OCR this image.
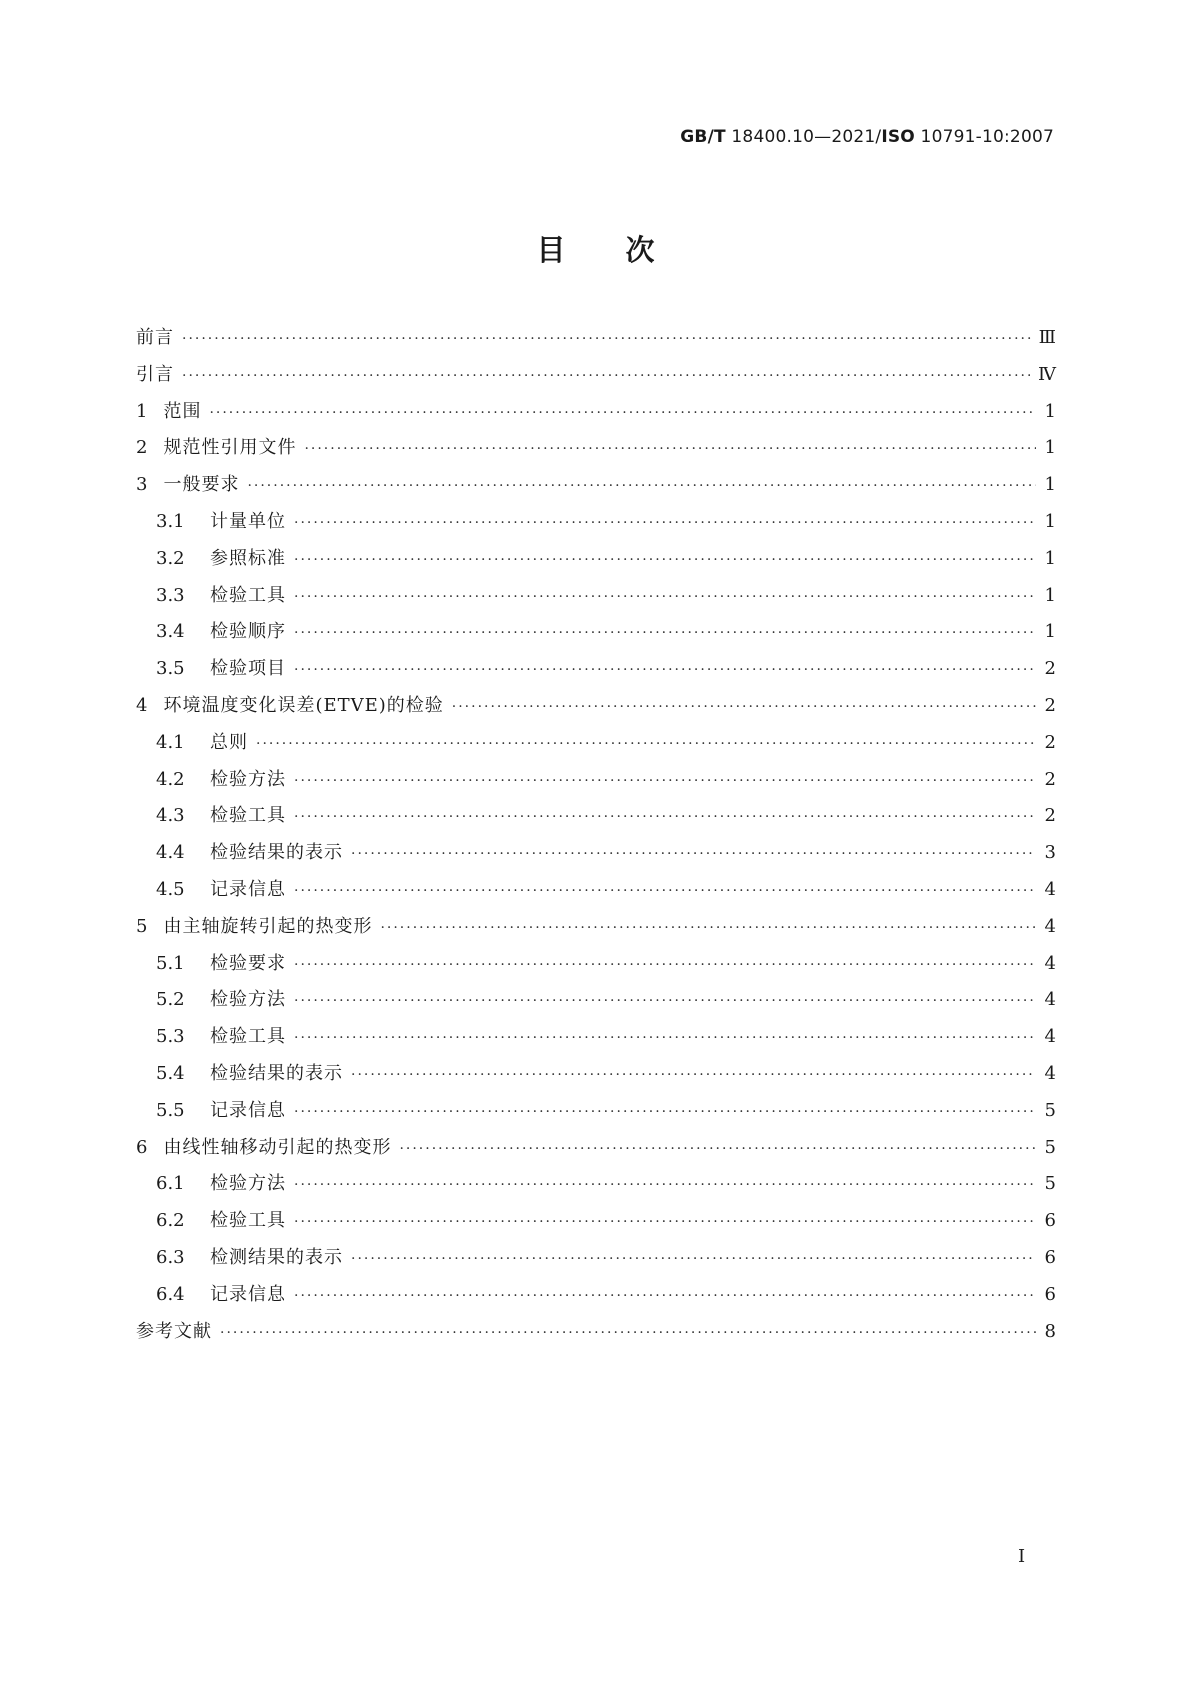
GB/T 18400.10—2021/ISO 10791-10:2007
目次
前言 ·····	Ⅲ
引言 ·····	Ⅳ
1 范围 ·····	1
2 规范性引用文件 ·····	1
3 一般要求 ·····	1
3.1	计量单位 ·····	1
3.2	参照标准 ·····	1
3.3	检验工具 ·····	1
3.4	检验顺序 ·····	1
3.5	检验项目 ·····	2
4 环境温度变化误差(ETVE)的检验 ·····	2
4.1	总则 ·····	2
4.2	检验方法 ·····	2
4.3	检验工具 ·····	2
4.4	检验结果的表示 ·····	3
4.5	记录信息 ·····	4
5 由主轴旋转引起的热变形 ·····	4
5.1	检验要求 ·····	4
5.2	检验方法 ·····	4
5.3	检验工具 ·····	4
5.4	检验结果的表示 ·····	4
5.5	记录信息 ·····	5
6 由线性轴移动引起的热变形 ·····	5
6.1	检验方法 ·····	5
6.2	检验工具 ·····	6
6.3	检测结果的表示 ·····	6
6.4	记录信息 ·····	6
参考文献 ·····	8
I
